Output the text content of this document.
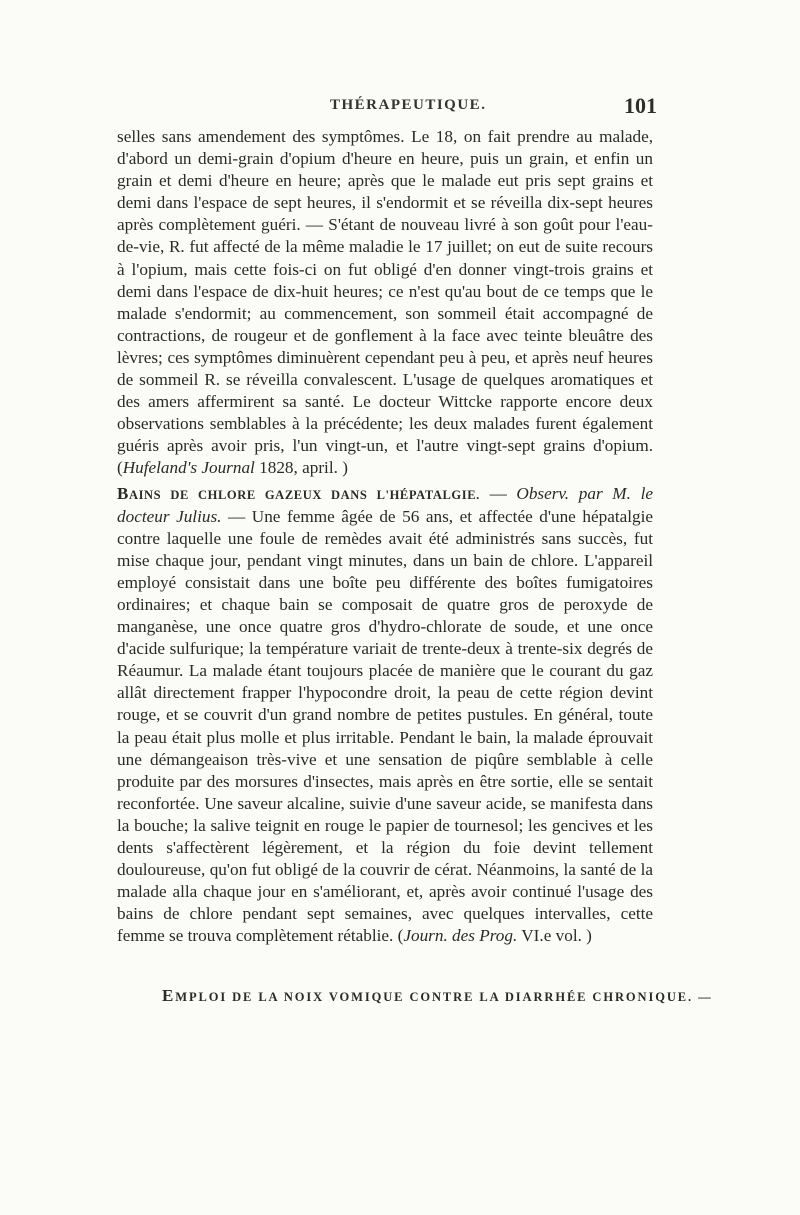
THÉRAPEUTIQUE.	101

selles sans amendement des symptômes. Le 18, on fait prendre au malade, d'abord un demi-grain d'opium d'heure en heure, puis un grain, et enfin un grain et demi d'heure en heure; après que le malade eut pris sept grains et demi dans l'espace de sept heures, il s'endormit et se réveilla dix-sept heures après complètement guéri. — S'étant de nouveau livré à son goût pour l'eau-de-vie, R. fut affecté de la même maladie le 17 juillet; on eut de suite recours à l'opium, mais cette fois-ci on fut obligé d'en donner vingt-trois grains et demi dans l'espace de dix-huit heures; ce n'est qu'au bout de ce temps que le malade s'endormit; au commencement, son sommeil était accompagné de contractions, de rougeur et de gonflement à la face avec teinte bleuâtre des lèvres; ces symptômes diminuèrent cependant peu à peu, et après neuf heures de sommeil R. se réveilla convalescent. L'usage de quelques aromatiques et des amers affermirent sa santé. Le docteur Wittcke rapporte encore deux observations semblables à la précédente; les deux malades furent également guéris après avoir pris, l'un vingt-un, et l'autre vingt-sept grains d'opium. (Hufeland's Journal 1828, april. )

BAINS DE CHLORE GAZEUX DANS L'HÉPATALGIE. — Observ. par M. le docteur Julius. — Une femme âgée de 56 ans, et affectée d'une hépatalgie contre laquelle une foule de remèdes avait été administrés sans succès, fut mise chaque jour, pendant vingt minutes, dans un bain de chlore. L'appareil employé consistait dans une boîte peu différente des boîtes fumigatoires ordinaires; et chaque bain se composait de quatre gros de peroxyde de manganèse, une once quatre gros d'hydro-chlorate de soude, et une once d'acide sulfurique; la température variait de trente-deux à trente-six degrés de Réaumur. La malade étant toujours placée de manière que le courant du gaz allât directement frapper l'hypocondre droit, la peau de cette région devint rouge, et se couvrit d'un grand nombre de petites pustules. En général, toute la peau était plus molle et plus irritable. Pendant le bain, la malade éprouvait une démangeaison très-vive et une sensation de piqûre semblable à celle produite par des morsures d'insectes, mais après en être sortie, elle se sentait reconfortée. Une saveur alcaline, suivie d'une saveur acide, se manifesta dans la bouche; la salive teignit en rouge le papier de tournesol; les gencives et les dents s'affectèrent légèrement, et la région du foie devint tellement douloureuse, qu'on fut obligé de la couvrir de cérat. Néanmoins, la santé de la malade alla chaque jour en s'améliorant, et, après avoir continué l'usage des bains de chlore pendant sept semaines, avec quelques intervalles, cette femme se trouva complètement rétablie. (Journ. des Prog. VI.e vol. )

EMPLOI DE LA NOIX VOMIQUE CONTRE LA DIARRHÉE CHRONIQUE. —
